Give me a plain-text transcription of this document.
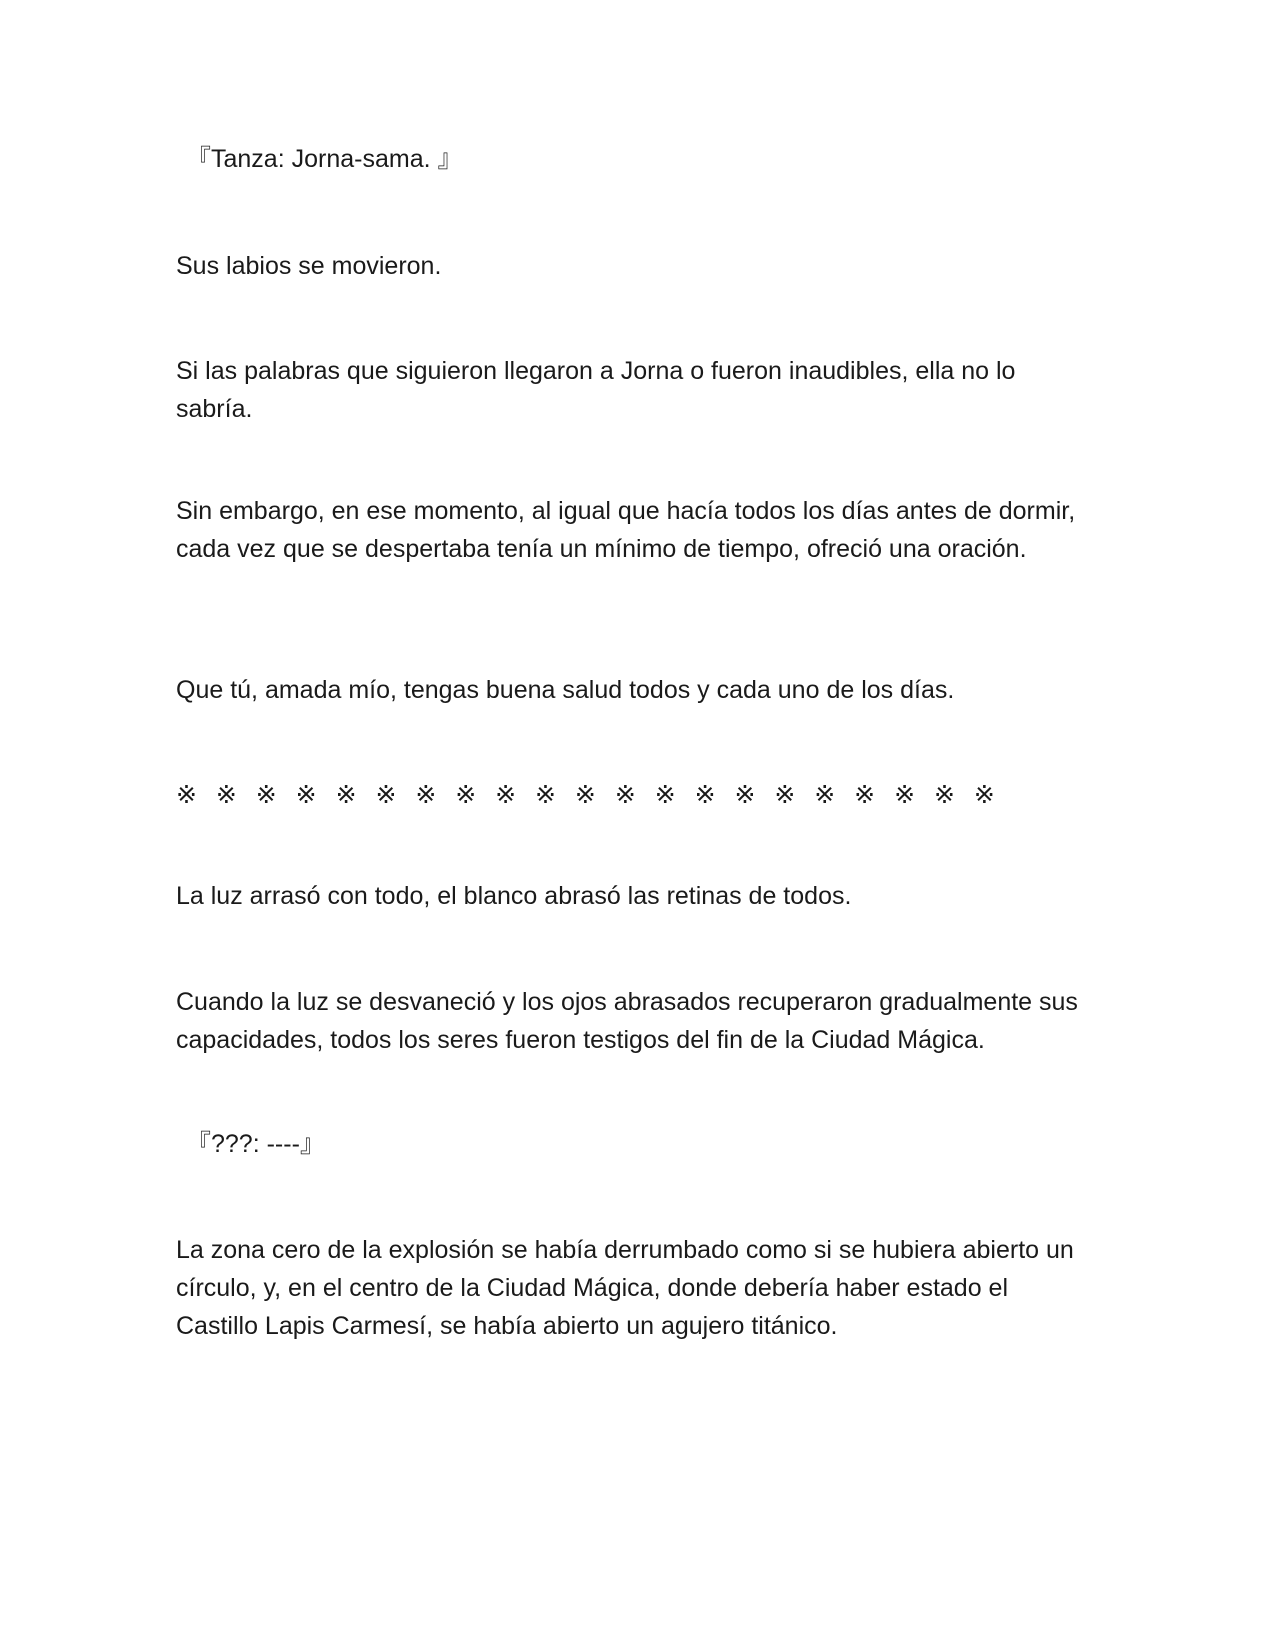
『Tanza: Jorna-sama. 』

Sus labios se movieron.

Si las palabras que siguieron llegaron a Jorna o fueron inaudibles, ella no lo sabría.

Sin embargo, en ese momento, al igual que hacía todos los días antes de dormir, cada vez que se despertaba tenía un mínimo de tiempo, ofreció una oración.

Que tú, amada mío, tengas buena salud todos y cada uno de los días.

※ ※ ※ ※ ※ ※ ※ ※ ※ ※ ※ ※ ※ ※ ※ ※ ※ ※ ※ ※ ※

La luz arrasó con todo, el blanco abrasó las retinas de todos.

Cuando la luz se desvaneció y los ojos abrasados recuperaron gradualmente sus capacidades, todos los seres fueron testigos del fin de la Ciudad Mágica.

『???: ----』

La zona cero de la explosión se había derrumbado como si se hubiera abierto un círculo, y, en el centro de la Ciudad Mágica, donde debería haber estado el Castillo Lapis Carmesí, se había abierto un agujero titánico.
